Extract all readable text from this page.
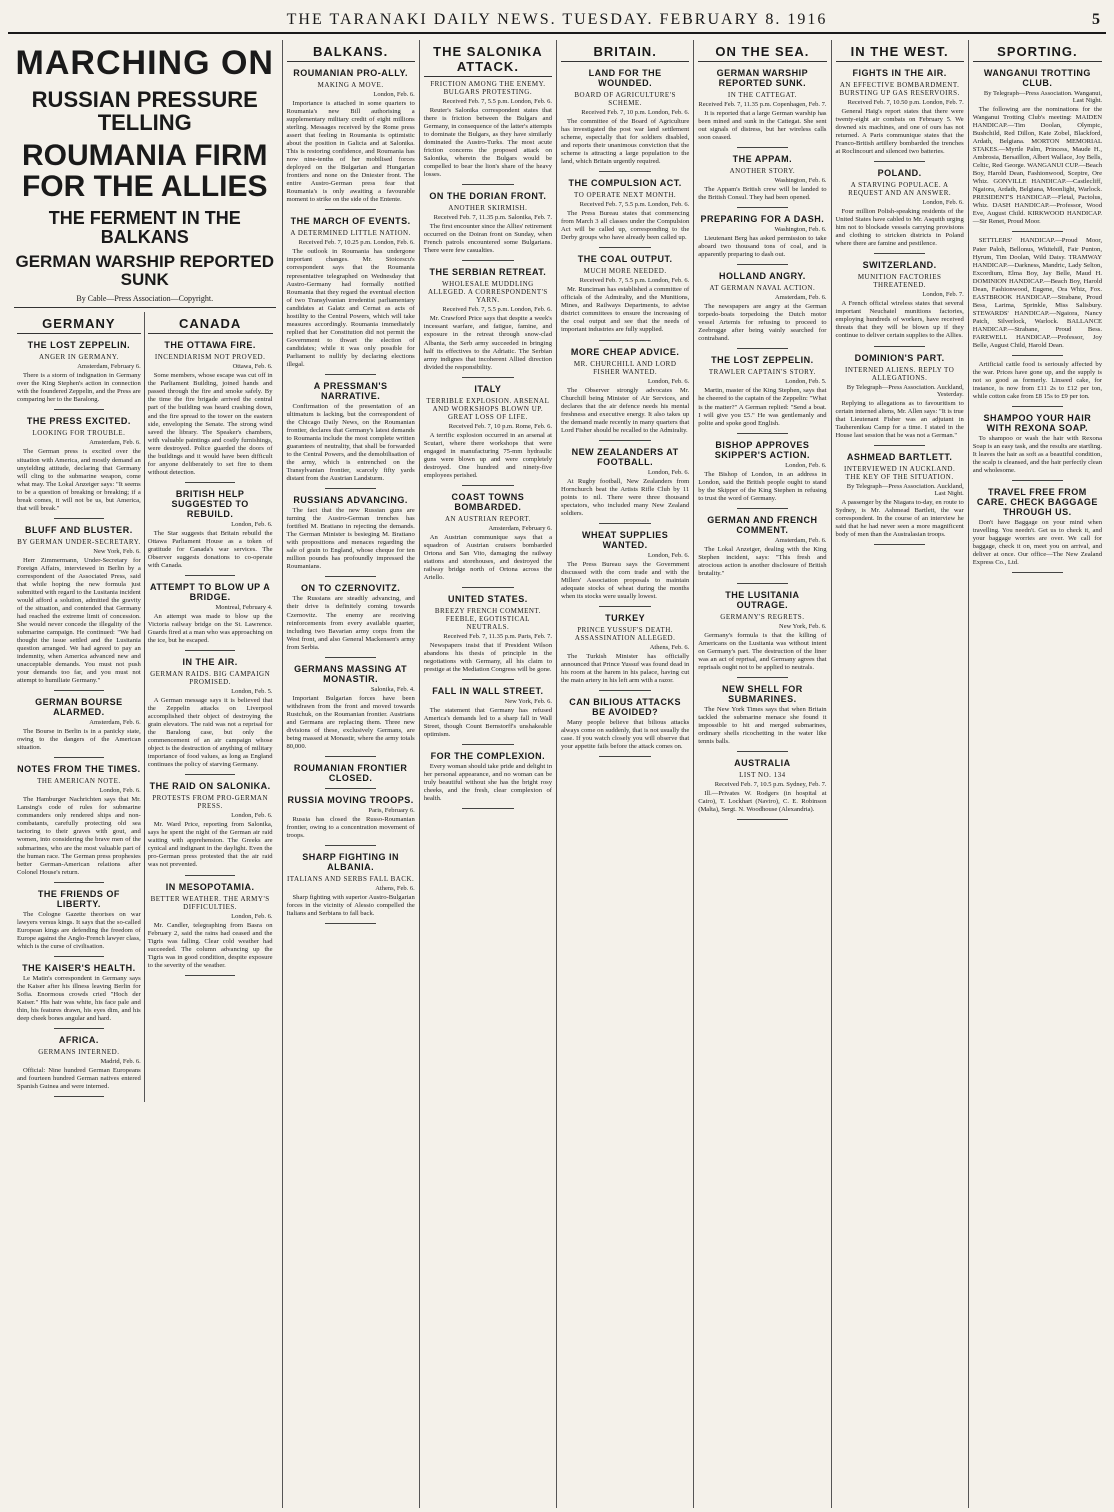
THE TARANAKI DAILY NEWS. TUESDAY. FEBRUARY 8. 1916	5
MARCHING ON
RUSSIAN PRESSURE TELLING
ROUMANIA FIRM FOR THE ALLIES
THE FERMENT IN THE BALKANS
GERMAN WARSHIP REPORTED SUNK
By Cable—Press Association—Copyright.
GERMANY
THE LOST ZEPPELIN.
ANGER IN GERMANY.
Amsterdam, February 6.

There is a storm of indignation in Germany over the King Stephen's action in connection with the foundered Zeppelin, and the Press are comparing her to the Baralong.

THE PRESS EXCITED.
LOOKING FOR TROUBLE.
Amsterdam, Feb. 6.

The German press is excited over the situation with America, and mostly demand an unyielding attitude, declaring that Germany will cling to the submarine weapon, come what may. The Lokal Anzeiger says: "It seems to be a question of breaking or breaking; if a break comes, it will not be us, but America, that will break."

BLUFF AND BLUSTER.
BY GERMAN UNDER-SECRETARY.
New York, Feb. 6.

Herr Zimmermann, Under-Secretary for Foreign Affairs, interviewed in Berlin by a correspondent of the Associated Press, said that while hoping the new formula just submitted with regard to the Lusitania incident would afford a solution, admitted the gravity of the situation, and contended that Germany had reached the extreme limit of concession. She would never concede the illegality of the submarine campaign. He continued: "We had thought the issue settled and the Lusitania question arranged. We had agreed to pay an indemnity, when America advanced new and unacceptable demands. You must not push your demands too far, and you must not attempt to humiliate Germany."

GERMAN BOURSE ALARMED.
Amsterdam, Feb. 6.

The Bourse in Berlin is in a panicky state, owing to the dangers of the American situation.

NOTES FROM THE TIMES.
THE AMERICAN NOTE.
London, Feb. 6.

The Hamburger Nachrichten says that Mr. Lansing's code of rules for submarine commanders only rendered ships and non-combatants, carefully protecting old sea tactoring to their graves with gout, and women, into considering the brave men of the submarines, who are the most valuable part of the human race. The German press prophesies better German-American relations after Colonel House's return.

THE FRIENDS OF LIBERTY.

The Cologne Gazette theorises on war lawyers versus kings. It says that the so-called European kings are defending the freedom of Europe against the Anglo-French lawyer class, which is the curse of civilisation.

THE KAISER'S HEALTH.

Le Matin's correspondent in Germany says the Kaiser after his illness leaving Berlin for Sofia. Enormous crowds cried "Hoch der Kaiser." His hair was white, his face pale and thin, his features drawn, his eyes dim, and his deep cheek bones angular and hard.

AFRICA.
GERMANS INTERNED.
Madrid, Feb. 6.

Official: Nine hundred German Europeans and fourteen hundred German natives entered Spanish Guinea and were interned.

CANADA
THE OTTAWA FIRE.
INCENDIARISM NOT PROVED.
Ottawa, Feb. 6.

Some members, whose escape was cut off in the Parliament Building, joined hands and passed through the fire and smoke safely. By the time the fire brigade arrived the central part of the building was heard crashing down, and the fire spread to the tower on the eastern side, enveloping the Senate. The strong wind saved the library. The Speaker's chambers, with valuable paintings and costly furnishings, were destroyed. Police guarded the doors of the buildings and it would have been difficult for anyone deliberately to set fire to them without detection.

BRITISH HELP SUGGESTED TO REBUILD.
London, Feb. 6.

The Star suggests that Britain rebuild the Ottawa Parliament House as a token of gratitude for Canada's war services. The Observer suggests donations to co-operate with Canada.

ATTEMPT TO BLOW UP A BRIDGE.
Montreal, February 4.

An attempt was made to blow up the Victoria railway bridge on the St. Lawrence. Guards fired at a man who was approaching on the ice, but he escaped.

IN THE AIR.
GERMAN RAIDS. BIG CAMPAIGN PROMISED.
London, Feb. 5.

A German message says it is believed that the Zeppelin attacks on Liverpool accomplished their object of destroying the grain elevators. The raid was not a reprisal for the Baralong case, but only the commencement of an air campaign whose object is the destruction of anything of military importance of food values, as long as England continues the policy of starving Germany.

THE RAID ON SALONIKA.
PROTESTS FROM PRO-GERMAN PRESS.
London, Feb. 6.

Mr. Ward Price, reporting from Salonika, says he spent the night of the German air raid waiting with apprehension. The Greeks are cynical and indignant in the daylight. Even the pro-German press protested that the air raid was not prevented.

IN MESOPOTAMIA.
BETTER WEATHER. THE ARMY'S DIFFICULTIES.
London, Feb. 6.

Mr. Candler, telegraphing from Basra on February 2, said the rains had ceased and the Tigris was falling. Clear cold weather had succeeded. The column advancing up the Tigris was in good condition, despite exposure to the severity of the weather.

BALKANS.
ROUMANIAN PRO-ALLY.
MAKING A MOVE.
London, Feb. 6.

Importance is attached in some quarters to Roumania's new Bill authorising a supplementary military credit of eight millions sterling. Messages received by the Rome press assert that feeling in Roumania is optimistic about the position in Galicia and at Salonika. This is restoring confidence, and Roumania has now nine-tenths of her mobilised forces deployed on the Bulgarian and Hungarian frontiers and none on the Dniester front. The entire Austro-German press fear that Roumania's is only awaiting a favourable moment to strike on the side of the Entente.

THE MARCH OF EVENTS.
A DETERMINED LITTLE NATION.
Received Feb. 7, 10.25 p.m. London, Feb. 6.

The outlook in Roumania has undergone important changes. Mr. Stoicescu's correspondent says that the Roumania representative telegraphed on Wednesday that Austro-Germany had formally notified Roumania that they regard the eventual election of two Transylvanian irredentist parliamentary candidates at Galatz and Cernat as acts of hostility to the Central Powers, which will take measures accordingly. Roumania immediately replied that her Constitution did not permit the Government to thwart the election of candidates; while it was only possible for Parliament to nullify by declaring elections illegal.

A PRESSMAN'S NARRATIVE.

Confirmation of the presentation of an ultimatum is lacking, but the correspondent of the Chicago Daily News, on the Roumanian frontier, declares that Germany's latest demands to Roumania include the most complete written guarantees of neutrality, that shall be forwarded to the Central Powers, and the demobilisation of the army, which is entrenched on the Transylvanian frontier, scarcely fifty yards distant from the Austrian Landsturm.

RUSSIANS ADVANCING.

The fact that the new Russian guns are turning the Austro-German trenches has fortified M. Bratiano in rejecting the demands. The German Minister is besieging M. Bratiano with propositions and menaces regarding the sale of grain to England, whose cheque for ten million pounds has profoundly impressed the Roumanians.

ON TO CZERNOVITZ.

The Russians are steadily advancing, and their drive is definitely coming towards Czernovitz. The enemy are receiving reinforcements from every available quarter, including two Bavarian army corps from the West front, and also General Mackensen's army from Serbia.

GERMANS MASSING AT MONASTIR.
Salonika, Feb. 4.

Important Bulgarian forces have been withdrawn from the front and moved towards Rustchuk, on the Roumanian frontier. Austrians and Germans are replacing them. Three new divisions of these, exclusively Germans, are being massed at Monastir, where the army totals 80,000.

ROUMANIAN FRONTIER CLOSED.
RUSSIA MOVING TROOPS.
Paris, February 6.

Russia has closed the Russo-Roumanian frontier, owing to a concentration movement of troops.

SHARP FIGHTING IN ALBANIA.
ITALIANS AND SERBS FALL BACK.
Athens, Feb. 6.

Sharp fighting with superior Austro-Bulgarian forces in the vicinity of Alessio compelled the Italians and Serbians to fall back.

THE SALONIKA ATTACK.
FRICTION AMONG THE ENEMY. BULGARS PROTESTING.
Received Feb. 7, 5.5 p.m. London, Feb. 6.

Reuter's Salonika correspondent states that there is friction between the Bulgars and Germany, in consequence of the latter's attempts to dominate the Bulgars, as they have similarly dominated the Austro-Turks. The most acute friction concerns the proposed attack on Salonika, wherein the Bulgars would be compelled to bear the lion's share of the heavy losses.

ON THE DORIAN FRONT.
ANOTHER SKIRMISH.
Received Feb. 7, 11.35 p.m. Salonika, Feb. 7.

The first encounter since the Allies' retirement occurred on the Doiran front on Sunday, when French patrols encountered some Bulgarians. There were few casualties.

THE SERBIAN RETREAT.
WHOLESALE MUDDLING ALLEGED. A CORRESPONDENT'S YARN.
Received Feb. 7, 5.5 p.m. London, Feb. 6.

Mr. Crawford Price says that despite a week's incessant warfare, and fatigue, famine, and exposure in the retreat through snow-clad Albania, the Serb army succeeded in bringing half its effectives to the Adriatic. The Serbian army indignes that incoherent Allied direction divided the responsibility.

ITALY
TERRIBLE EXPLOSION. ARSENAL AND WORKSHOPS BLOWN UP. GREAT LOSS OF LIFE.
Received Feb. 7, 10 p.m. Rome, Feb. 6.

A terrific explosion occurred in an arsenal at Scutari, where there workshops that were engaged in manufacturing 75-mm hydraulic guns were blown up and were completely destroyed. One hundred and ninety-five employees perished.

COAST TOWNS BOMBARDED.
AN AUSTRIAN REPORT.
Amsterdam, February 6.

An Austrian communique says that a squadron of Austrian cruisers bombarded Ortona and San Vito, damaging the railway stations and storehouses, and destroyed the railway bridge north of Ortona across the Ariello.

UNITED STATES.
BREEZY FRENCH COMMENT. FEEBLE, EGOTISTICAL NEUTRALS.
Received Feb. 7, 11.35 p.m. Paris, Feb. 7.

Newspapers insist that if President Wilson abandons his thesis of principle in the negotiations with Germany, all his claim to prestige at the Mediation Congress will be gone.

FALL IN WALL STREET.
New York, Feb. 6.

The statement that Germany has refused America's demands led to a sharp fall in Wall Street, though Count Bernstorff's unshakeable optimism.

FOR THE COMPLEXION.

Every woman should take pride and delight in her personal appearance, and no woman can be truly beautiful without she has the bright rosy cheeks, and the fresh, clear complexion of health.

BRITAIN.
LAND FOR THE WOUNDED.
BOARD OF AGRICULTURE'S SCHEME.
Received Feb. 7, 10 p.m. London, Feb. 6.

The committee of the Board of Agriculture has investigated the post war land settlement scheme, especially that for soldiers disabled, and reports their unanimous conviction that the scheme is attracting a large population to the land, which Britain urgently required.

THE COMPULSION ACT.
TO OPERATE NEXT MONTH.
Received Feb. 7, 5.5 p.m. London, Feb. 6.

The Press Bureau states that commencing from March 3 all classes under the Compulsion Act will be called up, corresponding to the Derby groups who have already been called up.

THE COAL OUTPUT.
MUCH MORE NEEDED.
Received Feb. 7, 5.5 p.m. London, Feb. 6.

Mr. Runciman has established a committee of officials of the Admiralty, and the Munitions, Mines, and Railways Departments, to advise district committees to ensure the increasing of the coal output and see that the needs of important industries are fully supplied.

MORE CHEAP ADVICE.
MR. CHURCHILL AND LORD FISHER WANTED.
London, Feb. 6.

The Observer strongly advocates Mr. Churchill being Minister of Air Services, and declares that the air defence needs his mental freshness and executive energy. It also takes up the demand made recently in many quarters that Lord Fisher should be recalled to the Admiralty.

NEW ZEALANDERS AT FOOTBALL.
London, Feb. 6.

At Rugby football, New Zealanders from Hornchurch beat the Artists Rifle Club by 11 points to nil. There were three thousand spectators, who included many New Zealand soldiers.

WHEAT SUPPLIES WANTED.
London, Feb. 6.

The Press Bureau says the Government discussed with the corn trade and with the Millers' Association proposals to maintain adequate stocks of wheat during the months when its stocks were usually lowest.

TURKEY
PRINCE YUSSUF'S DEATH. ASSASSINATION ALLEGED.
Athens, Feb. 6.

The Turkish Minister has officially announced that Prince Yussuf was found dead in his room at the harem in his palace, having cut the main artery in his left arm with a razor.

CAN BILIOUS ATTACKS BE AVOIDED?

Many people believe that bilious attacks always come on suddenly, that is not usually the case. If you watch closely you will observe that your appetite fails before the attack comes on.

ON THE SEA.
GERMAN WARSHIP REPORTED SUNK.
IN THE CATTEGAT.
Received Feb. 7, 11.35 p.m. Copenhagen, Feb. 7.

It is reported that a large German warship has been mined and sunk in the Cattegat. She sent out signals of distress, but her wireless calls soon ceased.

THE APPAM.
ANOTHER STORY.
Washington, Feb. 6.

The Appam's British crew will be landed to the British Consul. They had been opened.

PREPARING FOR A DASH.
Washington, Feb. 6.

Lieutenant Berg has asked permission to take aboard two thousand tons of coal, and is apparently preparing to dash out.

HOLLAND ANGRY.
AT GERMAN NAVAL ACTION.
Amsterdam, Feb. 6.

The newspapers are angry at the German torpedo-boats torpedoing the Dutch motor vessel Artemis for refusing to proceed to Zeebrugge after being vainly searched for contraband.

THE LOST ZEPPELIN.
TRAWLER CAPTAIN'S STORY.
London, Feb. 5.

Martin, master of the King Stephen, says that he cheered to the captain of the Zeppelin: "What is the matter?" A German replied: "Send a boat. I will give you £5." He was gentlemanly and polite and spoke good English.

BISHOP APPROVES SKIPPER'S ACTION.
London, Feb. 6.

The Bishop of London, in an address in London, said the British people ought to stand by the Skipper of the King Stephen in refusing to trust the word of Germany.

GERMAN AND FRENCH COMMENT.
Amsterdam, Feb. 6.

The Lokal Anzeiger, dealing with the King Stephen incident, says: "This fresh and atrocious action is another disclosure of British brutality."

THE LUSITANIA OUTRAGE.
GERMANY'S REGRETS.
New York, Feb. 6.

Germany's formula is that the killing of Americans on the Lusitania was without intent on Germany's part. The destruction of the liner was an act of reprisal, and Germany agrees that reprisals ought not to be applied to neutrals.

NEW SHELL FOR SUBMARINES.

The New York Times says that when Britain tackled the submarine menace she found it impossible to hit and merged submarines, ordinary shells ricochetting in the water like tennis balls.

AUSTRALIA
LIST NO. 134
Received Feb. 7, 10.5 p.m. Sydney, Feb. 7.

Ill.—Privates W. Rodgers (in hospital at Cairo), T. Lockhart (Naviro), C. E. Robinson (Malta), Sergt. N. Woodhouse (Alexandria).

IN THE WEST.
FIGHTS IN THE AIR.
AN EFFECTIVE BOMBARDMENT. BURSTING UP GAS RESERVOIRS.
Received Feb. 7, 10.50 p.m. London, Feb. 7.

General Haig's report states that there were twenty-eight air combats on February 5. We downed six machines, and one of ours has not returned. A Paris communique states that the Franco-British artillery bombarded the trenches at Roclincourt and silenced two batteries.

POLAND.
A STARVING POPULACE. A REQUEST AND AN ANSWER.
London, Feb. 6.

Four million Polish-speaking residents of the United States have cabled to Mr. Asquith urging him not to blockade vessels carrying provisions and clothing to stricken districts in Poland where there are famine and pestilence.

SWITZERLAND.
MUNITION FACTORIES THREATENED.
London, Feb. 7.

A French official wireless states that several important Neuchatel munitions factories, employing hundreds of workers, have received threats that they will be blown up if they continue to deliver certain supplies to the Allies.

DOMINION'S PART.
INTERNED ALIENS. REPLY TO ALLEGATIONS.
By Telegraph—Press Association. Auckland, Yesterday.

Replying to allegations as to favouritism to certain interned aliens, Mr. Allen says: "It is true that Lieutenant Fisher was an adjutant in Tauherenikau Camp for a time. I stated in the House last session that he was not a German."

ASHMEAD BARTLETT.
INTERVIEWED IN AUCKLAND. THE KEY OF THE SITUATION.
By Telegraph—Press Association. Auckland, Last Night.

A passenger by the Niagara to-day, en route to Sydney, is Mr. Ashmead Bartlett, the war correspondent. In the course of an interview he said that he had never seen a more magnificent body of men than the Australasian troops.

SPORTING.
WANGANUI TROTTING CLUB.
By Telegraph—Press Association. Wanganui, Last Night.

The following are the nominations for the Wanganui Trotting Club's meeting: MAIDEN HANDICAP.—Tim Doolan, Olympic, Bushchild, Red Dillon, Kate Zobel, Blackford, Ardath, Belgiana. MORTON MEMORIAL STAKES.—Myrtle Palm, Princess, Maude H., Ambrosia, Bersaillon, Albert Wallace, Joy Bells, Celtic, Red George. WANGANUI CUP.—Beach Boy, Harold Dean, Fashionwood, Sceptre, Ore Whiz. GONVILLE HANDICAP.—Castlecliff, Ngaiora, Ardath, Belgiana, Moonlight, Warlock. PRESIDENT'S HANDICAP.—Fletal, Pactolus, Whiz. DASH HANDICAP.—Professor, Wood Eve, August Child. KIRKWOOD HANDICAP.—Sir Renet, Proud Moor.

SETTLERS' HANDICAP.—Proud Moor, Pater Paloh, Bellonus, Whitehill, Fair Punton, Hyrum, Tim Doolan, Wild Daisy. TRAMWAY HANDICAP.—Darkness, Mandric, Lady Selton, Excordium, Elma Boy, Jay Belle, Maud H. DOMINION HANDICAP.—Beach Boy, Harold Dean, Fashionwood, Eugene, Ora Whiz, Fox. EASTBROOK HANDICAP.—Strabane, Proud Bess, Larima, Sprinkle, Miss Salisbury. STEWARDS' HANDICAP.—Ngaiora, Nancy Patch, Silverlock, Warlock. BALLANCE HANDICAP.—Strabane, Proud Bess. FAREWELL HANDICAP.—Professor, Joy Belle, August Child, Harold Dean.

Artificial cattle food is seriously affected by the war. Prices have gone up, and the supply is not so good as formerly. Linseed cake, for instance, is now from £11 2s to £12 per ton, while cotton cake from £8 15s to £9 per ton.

SHAMPOO YOUR HAIR WITH REXONA SOAP.

To shampoo or wash the hair with Rexona Soap is an easy task, and the results are startling. It leaves the hair as soft as a beautiful condition, the scalp is cleansed, and the hair perfectly clean and wholesome.

TRAVEL FREE FROM CARE. CHECK BAGGAGE THROUGH US.

Don't have Baggage on your mind when travelling. You needn't. Get us to check it, and your baggage worries are over. We call for baggage, check it on, meet you on arrival, and deliver at once. Our office—The New Zealand Express Co., Ltd.
